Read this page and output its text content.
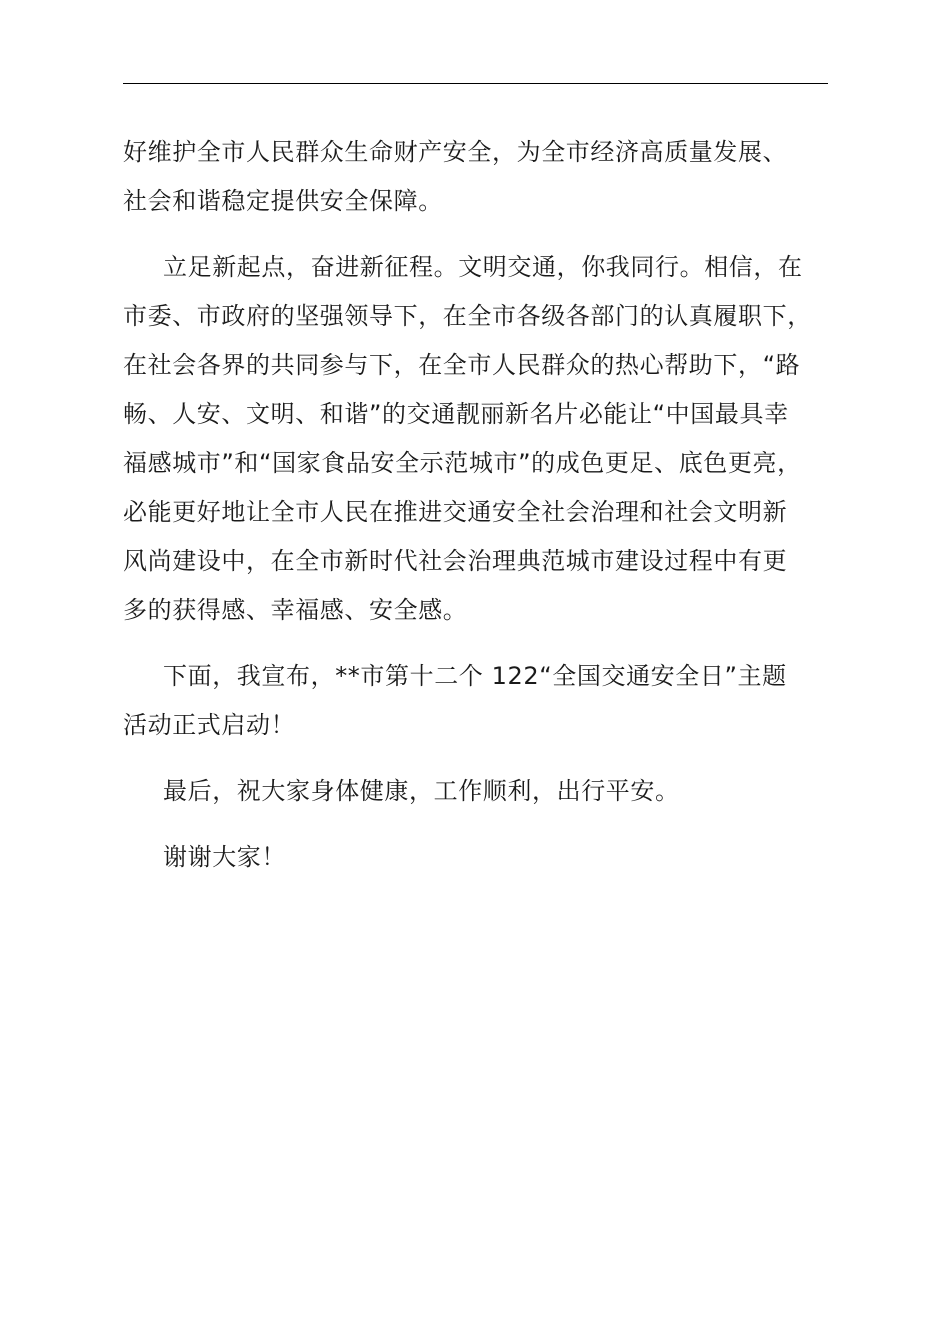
好维护全市人民群众生命财产安全，为全市经济高质量发展、
社会和谐稳定提供安全保障。

立足新起点，奋进新征程。文明交通，你我同行。相信，在
市委、市政府的坚强领导下，在全市各级各部门的认真履职下，
在社会各界的共同参与下，在全市人民群众的热心帮助下，“路
畅、人安、文明、和谐”的交通靓丽新名片必能让“中国最具幸
福感城市”和“国家食品安全示范城市”的成色更足、底色更亮，
必能更好地让全市人民在推进交通安全社会治理和社会文明新
风尚建设中，在全市新时代社会治理典范城市建设过程中有更
多的获得感、幸福感、安全感。

下面，我宣布，**市第十二个 122“全国交通安全日”主题
活动正式启动！

最后，祝大家身体健康，工作顺利，出行平安。

谢谢大家！
